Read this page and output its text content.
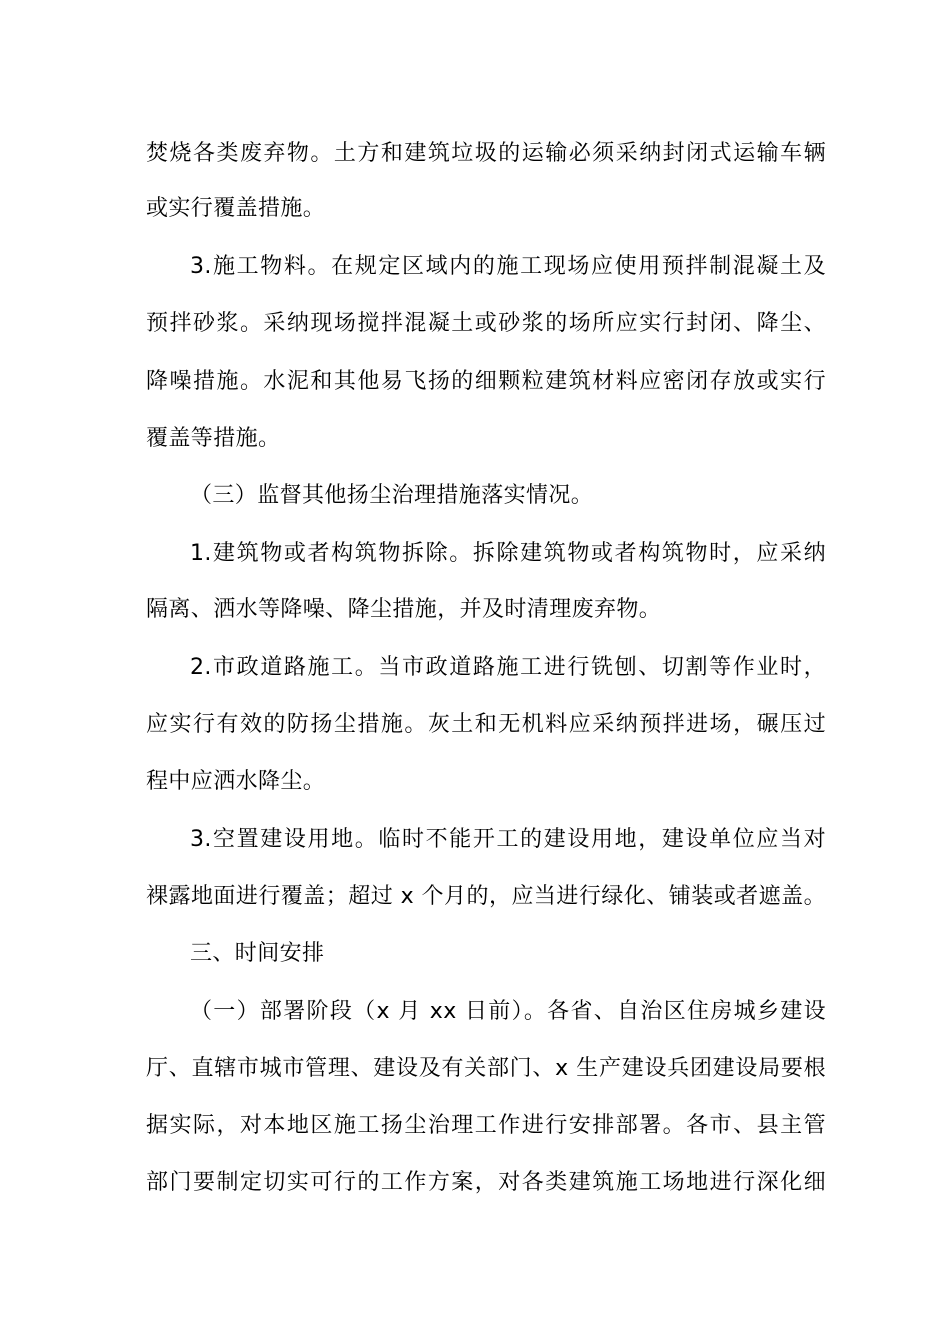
焚烧各类废弃物。土方和建筑垃圾的运输必须采纳封闭式运输车辆
或实行覆盖措施。
3.施工物料。在规定区域内的施工现场应使用预拌制混凝土及
预拌砂浆。采纳现场搅拌混凝土或砂浆的场所应实行封闭、降尘、
降噪措施。水泥和其他易飞扬的细颗粒建筑材料应密闭存放或实行
覆盖等措施。
（三）监督其他扬尘治理措施落实情况。
1.建筑物或者构筑物拆除。拆除建筑物或者构筑物时，应采纳
隔离、洒水等降噪、降尘措施，并及时清理废弃物。
2.市政道路施工。当市政道路施工进行铣刨、切割等作业时，
应实行有效的防扬尘措施。灰土和无机料应采纳预拌进场，碾压过
程中应洒水降尘。
3.空置建设用地。临时不能开工的建设用地，建设单位应当对
裸露地面进行覆盖；超过 x 个月的，应当进行绿化、铺装或者遮盖。
三、时间安排
（一）部署阶段（x 月 xx 日前）。各省、自治区住房城乡建设
厅、直辖市城市管理、建设及有关部门、x 生产建设兵团建设局要根
据实际，对本地区施工扬尘治理工作进行安排部署。各市、县主管
部门要制定切实可行的工作方案，对各类建筑施工场地进行深化细
